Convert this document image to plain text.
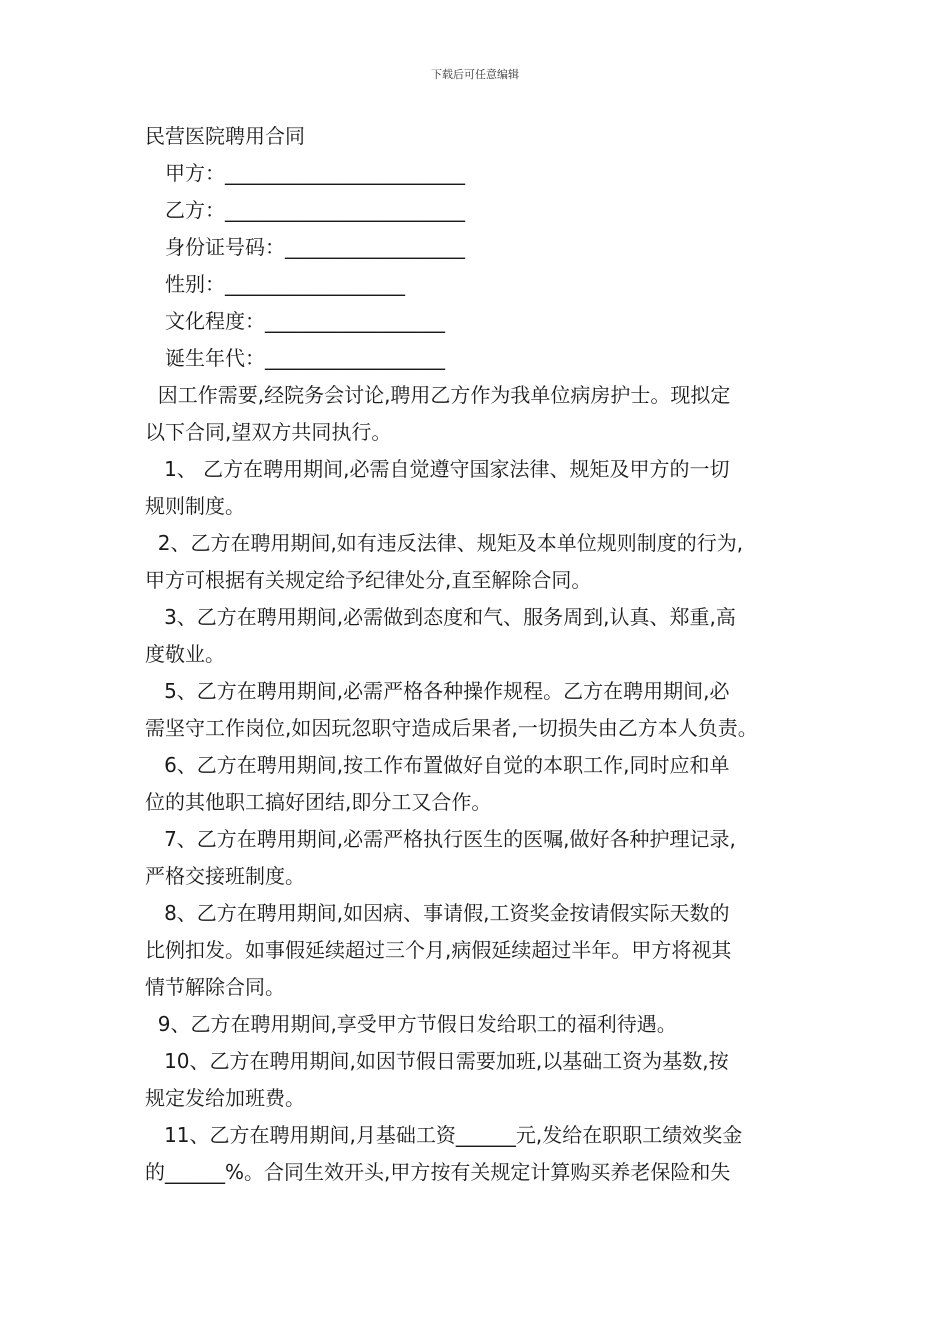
下载后可任意编辑
民营医院聘用合同
甲方：________________________
乙方：________________________
身份证号码：__________________
性别：__________________
文化程度：__________________
诞生年代：__________________
因工作需要,经院务会讨论,聘用乙方作为我单位病房护士。现拟定
以下合同,望双方共同执行。
1、 乙方在聘用期间,必需自觉遵守国家法律、规矩及甲方的一切
规则制度。
2、乙方在聘用期间,如有违反法律、规矩及本单位规则制度的行为,
甲方可根据有关规定给予纪律处分,直至解除合同。
3、乙方在聘用期间,必需做到态度和气、服务周到,认真、郑重,高
度敬业。
5、乙方在聘用期间,必需严格各种操作规程。乙方在聘用期间,必
需坚守工作岗位,如因玩忽职守造成后果者,一切损失由乙方本人负责。
6、乙方在聘用期间,按工作布置做好自觉的本职工作,同时应和单
位的其他职工搞好团结,即分工又合作。
7、乙方在聘用期间,必需严格执行医生的医嘱,做好各种护理记录,
严格交接班制度。
8、乙方在聘用期间,如因病、事请假,工资奖金按请假实际天数的
比例扣发。如事假延续超过三个月,病假延续超过半年。甲方将视其
情节解除合同。
9、乙方在聘用期间,享受甲方节假日发给职工的福利待遇。
10、乙方在聘用期间,如因节假日需要加班,以基础工资为基数,按
规定发给加班费。
11、乙方在聘用期间,月基础工资______元,发给在职职工绩效奖金
的______%。合同生效开头,甲方按有关规定计算购买养老保险和失
